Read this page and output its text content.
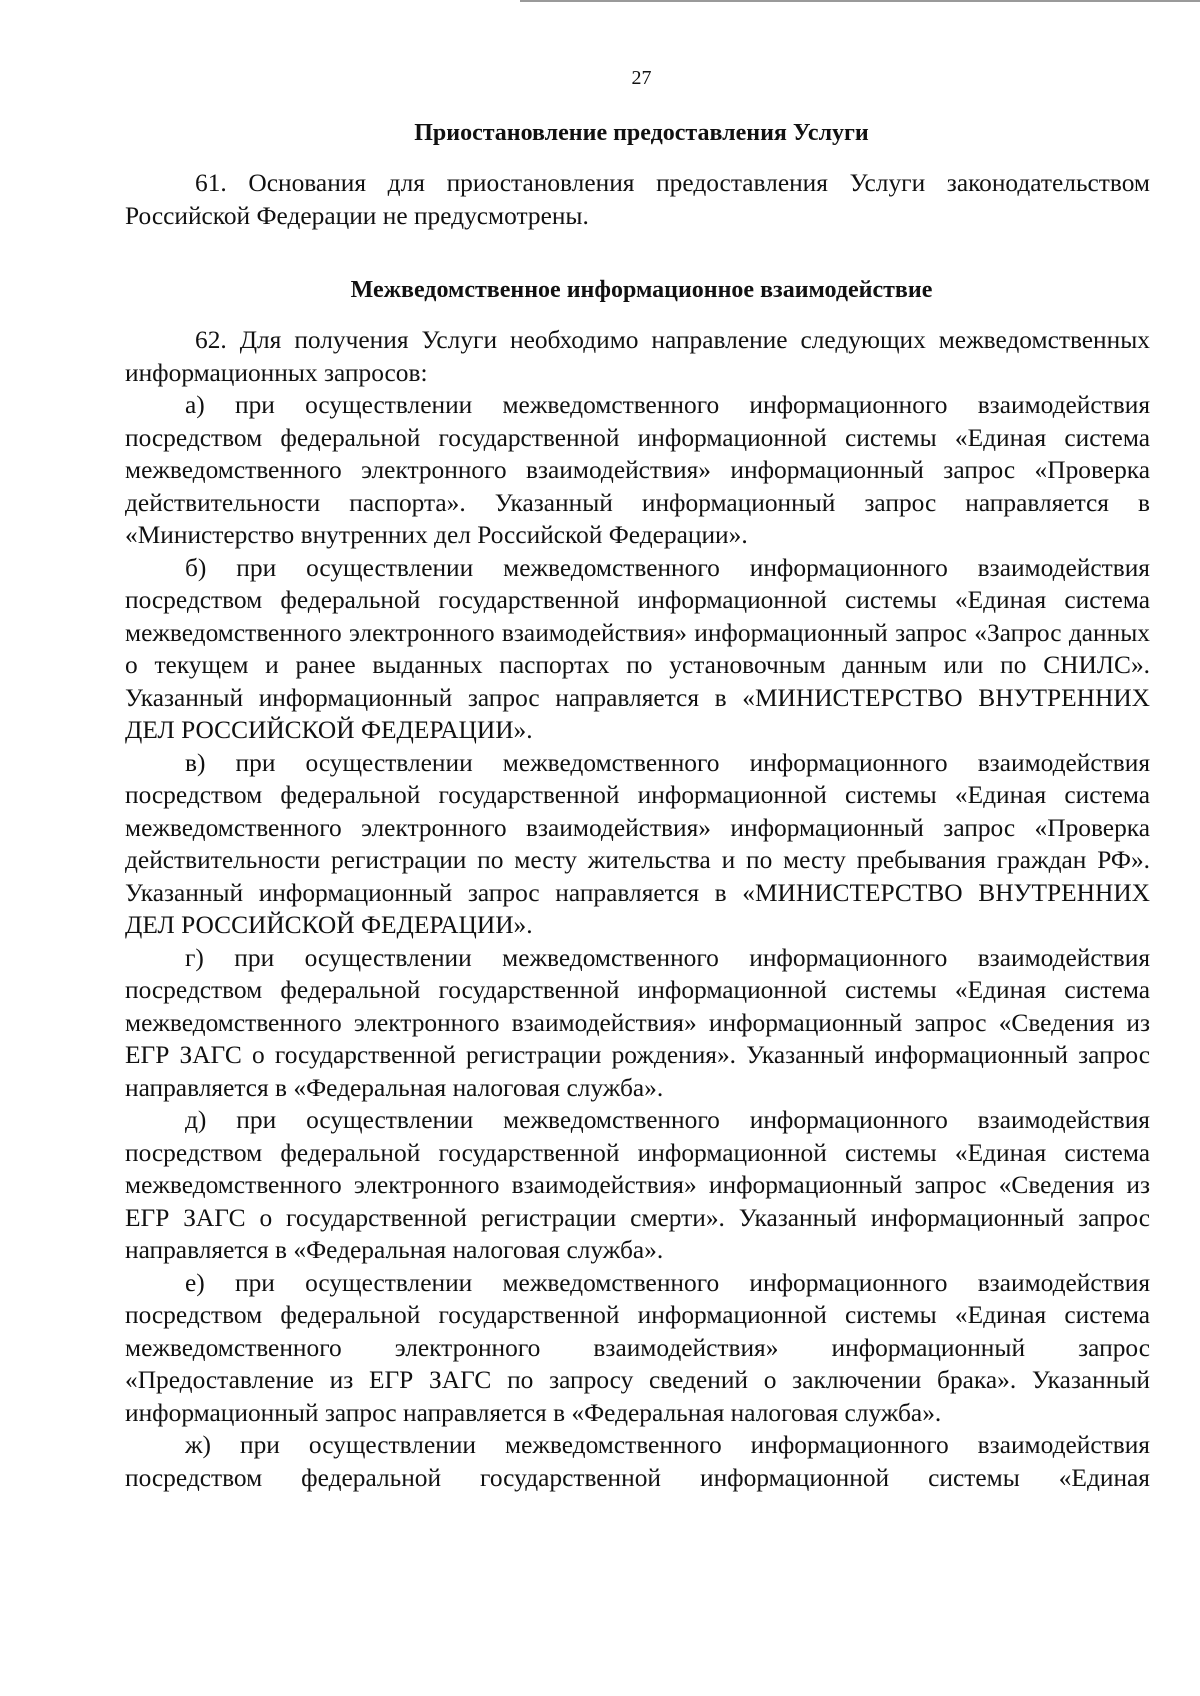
27
Приостановление предоставления Услуги

61. Основания для приостановления предоставления Услуги законодательством Российской Федерации не предусмотрены.

Межведомственное информационное взаимодействие

62. Для получения Услуги необходимо направление следующих межведомственных информационных запросов:

а) при осуществлении межведомственного информационного взаимодействия посредством федеральной государственной информационной системы «Единая система межведомственного электронного взаимодействия» информационный запрос «Проверка действительности паспорта». Указанный информационный запрос направляется в «Министерство внутренних дел Российской Федерации».

б) при осуществлении межведомственного информационного взаимодействия посредством федеральной государственной информационной системы «Единая система межведомственного электронного взаимодействия» информационный запрос «Запрос данных о текущем и ранее выданных паспортах по установочным данным или по СНИЛС». Указанный информационный запрос направляется в «МИНИСТЕРСТВО ВНУТРЕННИХ ДЕЛ РОССИЙСКОЙ ФЕДЕРАЦИИ».

в) при осуществлении межведомственного информационного взаимодействия посредством федеральной государственной информационной системы «Единая система межведомственного электронного взаимодействия» информационный запрос «Проверка действительности регистрации по месту жительства и по месту пребывания граждан РФ». Указанный информационный запрос направляется в «МИНИСТЕРСТВО ВНУТРЕННИХ ДЕЛ РОССИЙСКОЙ ФЕДЕРАЦИИ».

г) при осуществлении межведомственного информационного взаимодействия посредством федеральной государственной информационной системы «Единая система межведомственного электронного взаимодействия» информационный запрос «Сведения из ЕГР ЗАГС о государственной регистрации рождения». Указанный информационный запрос направляется в «Федеральная налоговая служба».

д) при осуществлении межведомственного информационного взаимодействия посредством федеральной государственной информационной системы «Единая система межведомственного электронного взаимодействия» информационный запрос «Сведения из ЕГР ЗАГС о государственной регистрации смерти». Указанный информационный запрос направляется в «Федеральная налоговая служба».

е) при осуществлении межведомственного информационного взаимодействия посредством федеральной государственной информационной системы «Единая система межведомственного электронного взаимодействия» информационный запрос «Предоставление из ЕГР ЗАГС по запросу сведений о заключении брака». Указанный информационный запрос направляется в «Федеральная налоговая служба».

ж) при осуществлении межведомственного информационного взаимодействия посредством федеральной государственной информационной системы «Единая
